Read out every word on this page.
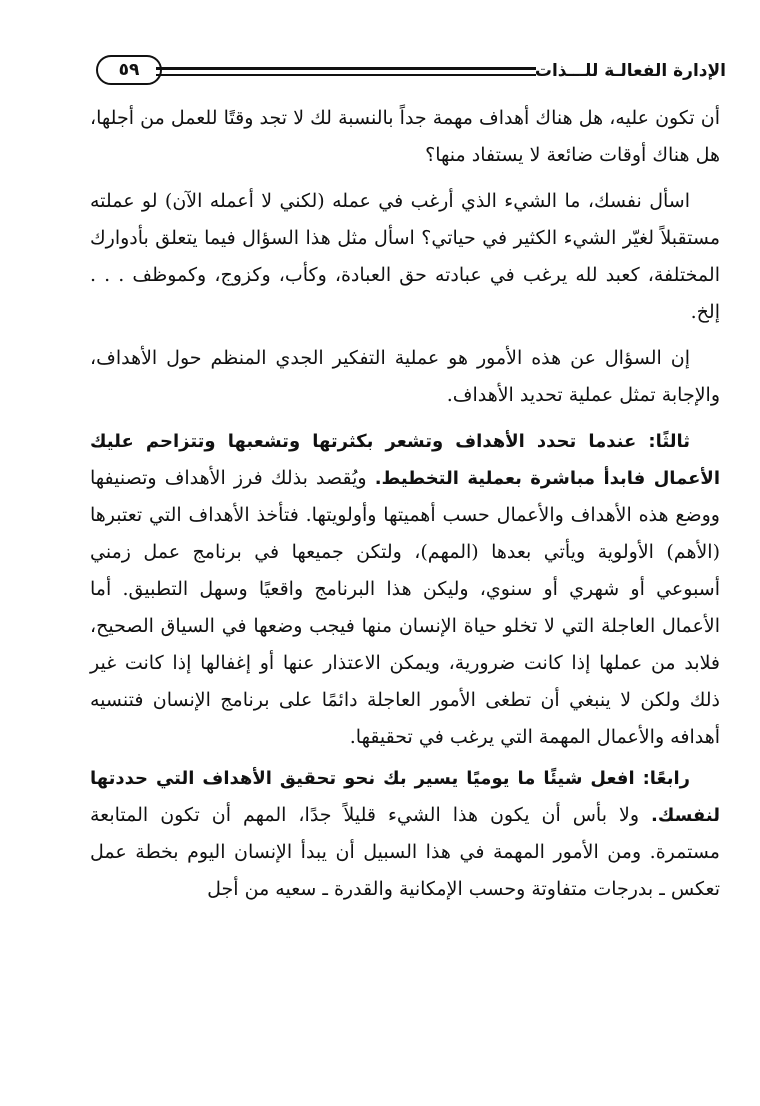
الإدارة الفعالـة للـــذات
٥٩

أن تكون عليه، هل هناك أهداف مهمة جداً بالنسبة لك لا تجد وقتًا للعمل من أجلها، هل هناك أوقات ضائعة لا يستفاد منها؟

اسأل نفسك، ما الشيء الذي أرغب في عمله (لكني لا أعمله الآن) لو عملته مستقبلاً لغيّر الشيء الكثير في حياتي؟ اسأل مثل هذا السؤال فيما يتعلق بأدوارك المختلفة، كعبد لله يرغب في عبادته حق العبادة، وكأب، وكزوج، وكموظف . . . إلخ.

إن السؤال عن هذه الأمور هو عملية التفكير الجدي المنظم حول الأهداف، والإجابة تمثل عملية تحديد الأهداف.

ثالثًا: عندما تحدد الأهداف وتشعر بكثرتها وتشعبها وتتزاحم عليك الأعمال فابدأ مباشرة بعملية التخطيط. ويُقصد بذلك فرز الأهداف وتصنيفها ووضع هذه الأهداف والأعمال حسب أهميتها وأولويتها. فتأخذ الأهداف التي تعتبرها (الأهم) الأولوية ويأتي بعدها (المهم)، ولتكن جميعها في برنامج عمل زمني أسبوعي أو شهري أو سنوي، وليكن هذا البرنامج واقعيًا وسهل التطبيق. أما الأعمال العاجلة التي لا تخلو حياة الإنسان منها فيجب وضعها في السياق الصحيح، فلابد من عملها إذا كانت ضرورية، ويمكن الاعتذار عنها أو إغفالها إذا كانت غير ذلك ولكن لا ينبغي أن تطغى الأمور العاجلة دائمًا على برنامج الإنسان فتنسيه أهدافه والأعمال المهمة التي يرغب في تحقيقها.

رابعًا: افعل شيئًا ما يوميًا يسير بك نحو تحقيق الأهداف التي حددتها لنفسك. ولا بأس أن يكون هذا الشيء قليلاً جدًا، المهم أن تكون المتابعة مستمرة. ومن الأمور المهمة في هذا السبيل أن يبدأ الإنسان اليوم بخطة عمل تعكس ـ بدرجات متفاوتة وحسب الإمكانية والقدرة ـ سعيه من أجل
